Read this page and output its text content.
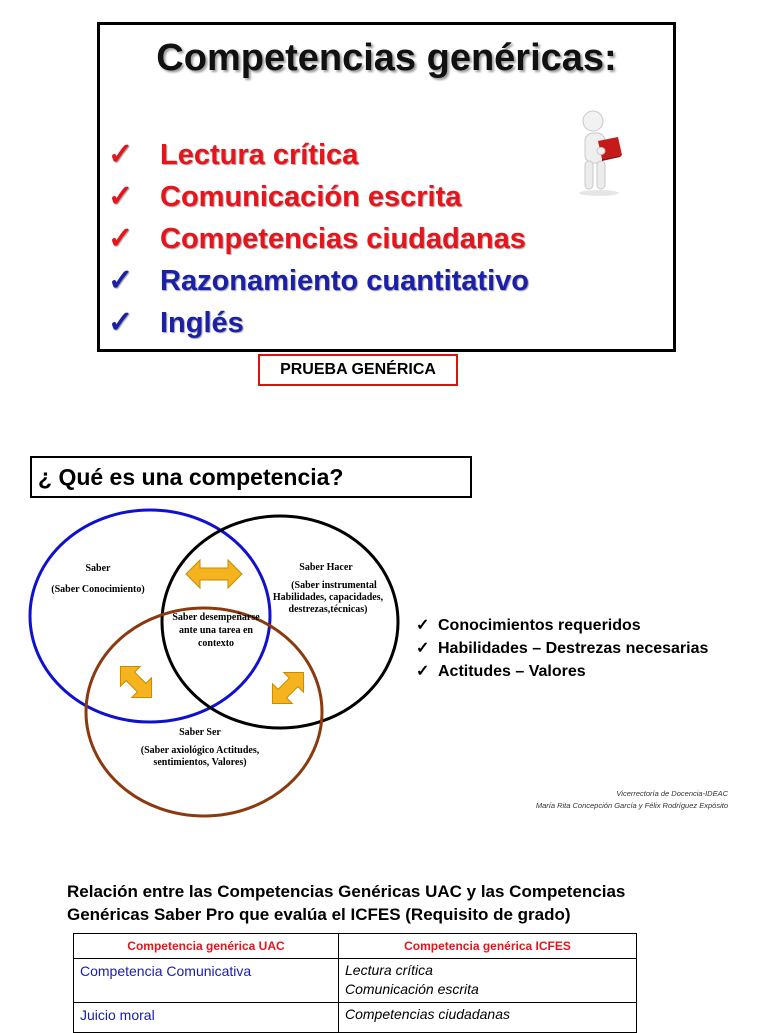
Competencias genéricas:
✓ Lectura crítica
✓ Comunicación escrita
✓ Competencias ciudadanas
✓ Razonamiento cuantitativo
✓ Inglés
PRUEBA GENÉRICA
¿ Qué es una competencia?
Saber
(Saber Conocimiento)
Saber Hacer
(Saber instrumental
Habilidades, capacidades,
destrezas,técnicas)
Saber desempeñarse
ante una tarea en
contexto
Saber Ser
(Saber axiológico Actitudes,
sentimientos, Valores)
✓ Conocimientos requeridos
✓ Habilidades – Destrezas necesarias
✓ Actitudes – Valores
Vicerrectoría de Docencia-IDEAC
María Rita Concepción García y Félix Rodríguez Expósito
Relación entre las Competencias Genéricas UAC y las Competencias
Genéricas Saber Pro que evalúa el ICFES (Requisito de grado)
Competencia genérica UAC	Competencia genérica ICFES
Competencia Comunicativa	Lectura crítica
Comunicación escrita

Juicio moral	Competencias ciudadanas
